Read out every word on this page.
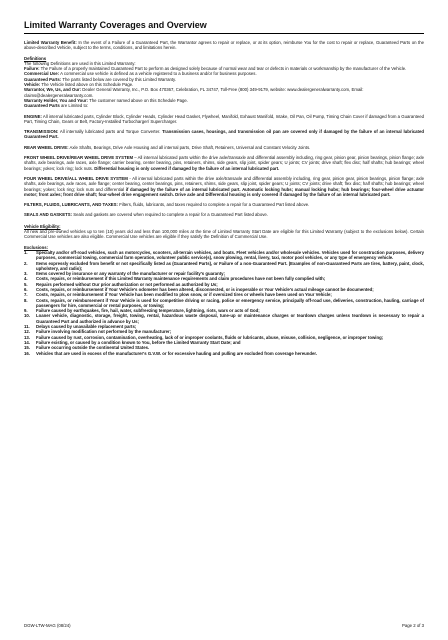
Limited Warranty Coverages and Overview

Limited Warranty Benefit: In the event of a Failure of a Guaranteed Part, the Warrantor agrees to repair or replace, or at its option, reimburse You for the cost to repair or replace, Guaranteed Parts on the above-described Vehicle, subject to the terms, conditions, and limitations herein.

Definitions
The following Definitions are used in this Limited Warranty:
Failure: The Failure of a properly maintained Guaranteed Part to perform as designed solely because of normal wear and tear or defects in materials or workmanship by the manufacturer of the Vehicle.
Commercial Use: A commercial use vehicle is defined as a vehicle registered to a business and/or for business purposes.
Guaranteed Parts: The parts listed below are covered by this Limited Warranty.
Vehicle: The Vehicle listed above on this Schedule Page.
Warrantor, We, Us, and Our: Dealer General Warranty, Inc., P.O. Box 470367, Celebration, FL 34747, Toll-Free (800) 349-9179, website: www.dealergeneralwarranty.com, Email: claims@dealergeneralwarranty.com.
Warranty Holder, You and Your: The customer named above on this Schedule Page.
Guaranteed Parts are Limited to:

ENGINE: All internal lubricated parts, Cylinder Block, Cylinder Heads, Cylinder Head Gasket, Flywheel, Manifold, Exhaust Manifold, Intake, Oil Pan, Oil Pump, Timing Chain Cover if damaged from a Guaranteed Part, Timing Chain, Gears or Belt, Factory-Installed Turbocharger/ Supercharger.

TRANSMISSION: All internally lubricated parts and Torque Converter. Transmission cases, housings, and transmission oil pan are covered only if damaged by the failure of an internal lubricated Guaranteed Part.

REAR WHEEL DRIVE: Axle Shafts, Bearings, Drive Axle Housing and all internal parts, Drive Shaft, Retainers, Universal and Constant Velocity Joints.

FRONT WHEEL DRIVE/REAR WHEEL DRIVE SYSTEM – All internal lubricated parts within the drive axle/transaxle and differential assembly including, ring gear, pinion gear, pinion bearings, pinion flange; axle shafts, axle bearings, axle races, axle flange; carrier bearing, center bearing, pins, retainers, shims, side gears, slip joint, spider gears; U joints; CV joints; drive shaft; flex disc; half shafts; hub bearings; wheel bearings; yokes; lock ring; lock nuts. Differential housing is only covered if damaged by the failure of an internal lubricated part.

FOUR WHEEL DRIVE/ALL WHEEL DRIVE SYSTEM - All internal lubricated parts within the drive axle/transaxle and differential assembly including, ring gear, pinion gear, pinion bearings, pinion flange; axle shafts, axle bearings, axle races, axle flange; center bearing, center bearings, pins, retainers, shims, side gears, slip joint, spider gears; U joints; CV joints; drive shaft; flex disc; half shafts; hub bearings; wheel bearings; yokes; lock ring; lock nuts and differential if damaged by the failure of an internal lubricated part. Automatic locking hubs; manual locking hubs; hub bearings; four-wheel drive actuator motor; front axles; front drive shaft; four-wheel drive engagement switch. Drive axle and Differential housing is only covered if damaged by the failure of an internal lubricated part.

FILTERS, FLUIDS, LUBRICANTS, AND TAXES: Filters, fluids, lubricants, and taxes required to complete a repair for a Guaranteed Part listed above.

SEALS AND GASKETS: Seals and gaskets are covered when required to complete a repair for a Guaranteed Part listed above.

Vehicle Eligibility:
All new and pre-owned vehicles up to ten (10) years old and less than 100,000 miles at the time of Limited Warranty Start Date are eligible for this Limited Warranty (subject to the exclusions below). Certain Commercial Use vehicles are also eligible. Commercial Use vehicles are eligible if they satisfy the Definition of Commercial Use.

Exclusions:
1.	Specialty and/or off-road vehicles, such as motorcycles, scooters, all-terrain vehicles, and boats. Fleet vehicles and/or wholesale vehicles. Vehicles used for construction purposes, delivery purposes, commercial towing, commercial farm operation, volunteer public service(s), snow plowing, rental, livery, taxi, motor pool vehicles, or any type of emergency vehicle.
2.	Items expressly excluded from benefit or not specifically listed as (Guaranteed Parts), or Failure of a non-Guaranteed Part. (Examples of non-Guaranteed Parts are tires, battery, paint, clock, upholstery, and radio);
3.	Items covered by insurance or any warranty of the manufacturer or repair facility's guaranty;
4.	Costs, repairs, or reimbursement if this Limited Warranty maintenance requirements and claim procedures have not been fully complied with;
5.	Repairs performed without Our prior authorization or not performed as authorized by Us;
6.	Costs, repairs, or reimbursement if Your Vehicle's odometer has been altered, disconnected, or is inoperable or Your Vehicle's actual mileage cannot be documented;
7.	Costs, repairs, or reimbursement if Your Vehicle has been modified to plow snow, or if oversized tires or wheels have been used on Your Vehicle;
8.	Costs, repairs, or reimbursement if Your Vehicle is used for competitive driving or racing, police or emergency service, principally off-road use, deliveries, construction, hauling, carriage of passengers for hire, commercial or rental purposes, or towing;
9.	Failure caused by earthquakes, fire, hail, water, subfreezing temperature, lightning, riots, wars or acts of God;
10.	Loaner vehicle, diagnostic, storage, freight, towing, rental, hazardous waste disposal, tune-up or maintenance charges or teardown charges unless teardown is necessary to repair a Guaranteed Part and authorized in advance by Us;
11.	Delays caused by unavailable replacement parts;
12.	Failure involving modification not performed by the manufacturer;
13.	Failure caused by rust, corrosion, contamination, overheating, lack of or improper coolants, fluids or lubricants, abuse, misuse, collision, negligence, or improper towing;
14.	Failure existing, or caused by a condition known to You, before the Limited Warranty Start Date; and
15.	Failure occurring outside the continental United States.
16.	Vehicles that are used in excess of the manufacturer's G.V.W. or for excessive hauling and pulling are excluded from coverage hereunder.
DGW-LTW-MAG (08/24)	Page 2 of 3
